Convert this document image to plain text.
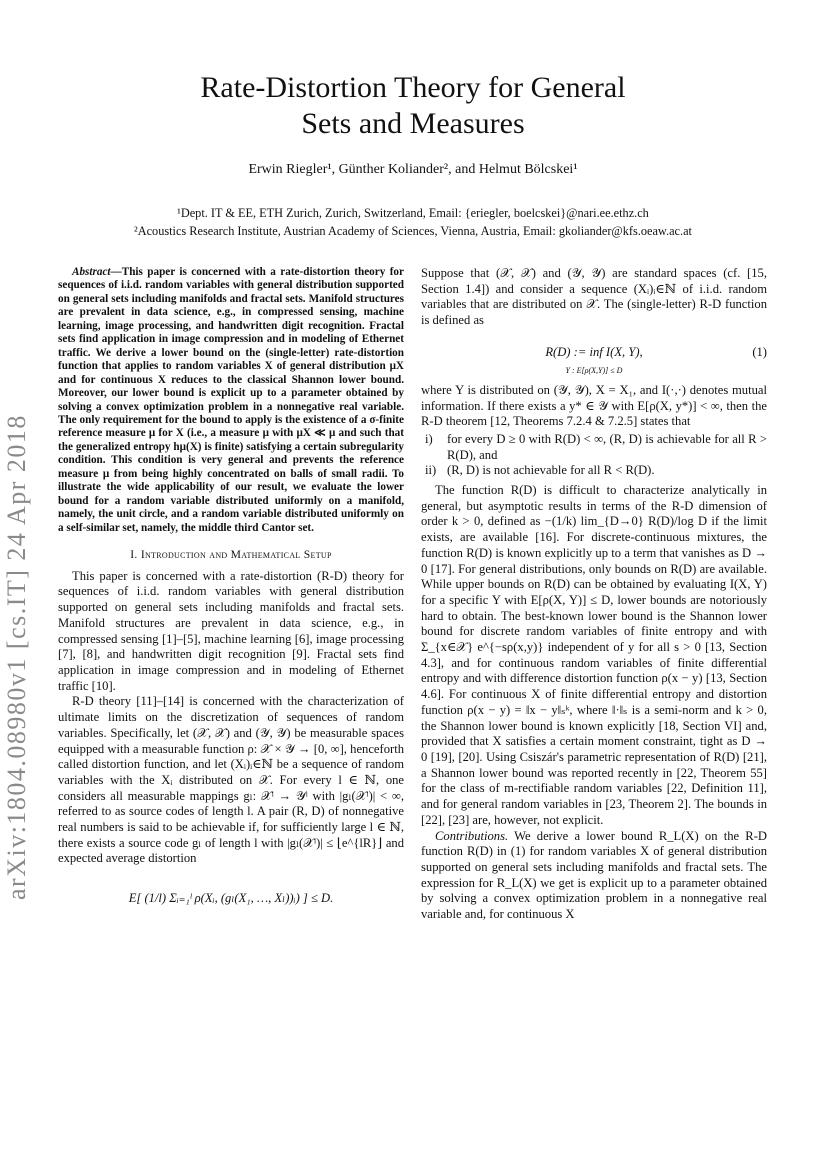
arXiv:1804.08980v1 [cs.IT] 24 Apr 2018
Rate-Distortion Theory for General
Sets and Measures
Erwin Riegler¹, Günther Koliander², and Helmut Bölcskei¹
¹Dept. IT & EE, ETH Zurich, Zurich, Switzerland, Email: {eriegler, boelcskei}@nari.ee.ethz.ch
²Acoustics Research Institute, Austrian Academy of Sciences, Vienna, Austria, Email: gkoliander@kfs.oeaw.ac.at

Abstract—This paper is concerned with a rate-distortion theory for sequences of i.i.d. random variables with general distribution supported on general sets including manifolds and fractal sets. Manifold structures are prevalent in data science, e.g., in compressed sensing, machine learning, image processing, and handwritten digit recognition. Fractal sets find application in image compression and in modeling of Ethernet traffic. We derive a lower bound on the (single-letter) rate-distortion function that applies to random variables X of general distribution μX and for continuous X reduces to the classical Shannon lower bound. Moreover, our lower bound is explicit up to a parameter obtained by solving a convex optimization problem in a nonnegative real variable. The only requirement for the bound to apply is the existence of a σ-finite reference measure μ for X (i.e., a measure μ with μX ≪ μ and such that the generalized entropy hμ(X) is finite) satisfying a certain subregularity condition. This condition is very general and prevents the reference measure μ from being highly concentrated on balls of small radii. To illustrate the wide applicability of our result, we evaluate the lower bound for a random variable distributed uniformly on a manifold, namely, the unit circle, and a random variable distributed uniformly on a self-similar set, namely, the middle third Cantor set.

I. Introduction and Mathematical Setup

This paper is concerned with a rate-distortion (R-D) theory for sequences of i.i.d. random variables with general distribution supported on general sets including manifolds and fractal sets. Manifold structures are prevalent in data science, e.g., in compressed sensing [1]–[5], machine learning [6], image processing [7], [8], and handwritten digit recognition [9]. Fractal sets find application in image compression and in modeling of Ethernet traffic [10].

R-D theory [11]–[14] is concerned with the characterization of ultimate limits on the discretization of sequences of random variables. Specifically, let (𝒳, 𝒳) and (𝒴, 𝒴) be measurable spaces equipped with a measurable function ρ: 𝒳 × 𝒴 → [0, ∞], henceforth called distortion function, and let (Xᵢ)ᵢ∈ℕ be a sequence of random variables with the Xᵢ distributed on 𝒳. For every l ∈ ℕ, one considers all measurable mappings gₗ: 𝒳ˡ → 𝒴ˡ with |gₗ(𝒳ˡ)| < ∞, referred to as source codes of length l. A pair (R, D) of nonnegative real numbers is said to be achievable if, for sufficiently large l ∈ ℕ, there exists a source code gₗ of length l with |gₗ(𝒳ˡ)| ≤ ⌊e^{lR}⌋ and expected average distortion

E[ (1/l) Σᵢ₌₁ˡ ρ(Xᵢ, (gₗ(X₁, …, Xₗ))ᵢ) ] ≤ D.

Suppose that (𝒳, 𝒳) and (𝒴, 𝒴) are standard spaces (cf. [15, Section 1.4]) and consider a sequence (Xᵢ)ᵢ∈ℕ of i.i.d. random variables that are distributed on 𝒳. The (single-letter) R-D function is defined as

R(D) := inf I(X, Y),
Y : E[ρ(X,Y)] ≤ D
(1)

where Y is distributed on (𝒴, 𝒴), X = X₁, and I(·,·) denotes mutual information. If there exists a y* ∈ 𝒴 with E[ρ(X, y*)] < ∞, then the R-D theorem [12, Theorems 7.2.4 & 7.2.5] states that

i) for every D ≥ 0 with R(D) < ∞, (R, D) is achievable for all R > R(D), and
ii) (R, D) is not achievable for all R < R(D).

The function R(D) is difficult to characterize analytically in general, but asymptotic results in terms of the R-D dimension of order k > 0, defined as −(1/k) lim_{D→0} R(D)/log D if the limit exists, are available [16]. For discrete-continuous mixtures, the function R(D) is known explicitly up to a term that vanishes as D → 0 [17]. For general distributions, only bounds on R(D) are available. While upper bounds on R(D) can be obtained by evaluating I(X, Y) for a specific Y with E[ρ(X, Y)] ≤ D, lower bounds are notoriously hard to obtain. The best-known lower bound is the Shannon lower bound for discrete random variables of finite entropy and with Σ_{x∈𝒳} e^{−sρ(x,y)} independent of y for all s > 0 [13, Section 4.3], and for continuous random variables of finite differential entropy and with difference distortion function ρ(x − y) [13, Section 4.6]. For continuous X of finite differential entropy and distortion function ρ(x − y) = ‖x − y‖ₛᵏ, where ‖·‖ₛ is a semi-norm and k > 0, the Shannon lower bound is known explicitly [18, Section VI] and, provided that X satisfies a certain moment constraint, tight as D → 0 [19], [20]. Using Csiszár's parametric representation of R(D) [21], a Shannon lower bound was reported recently in [22, Theorem 55] for the class of m-rectifiable random variables [22, Definition 11], and for general random variables in [23, Theorem 2]. The bounds in [22], [23] are, however, not explicit.

Contributions. We derive a lower bound R_L(X) on the R-D function R(D) in (1) for random variables X of general distribution supported on general sets including manifolds and fractal sets. The expression for R_L(X) we get is explicit up to a parameter obtained by solving a convex optimization problem in a nonnegative real variable and, for continuous X
